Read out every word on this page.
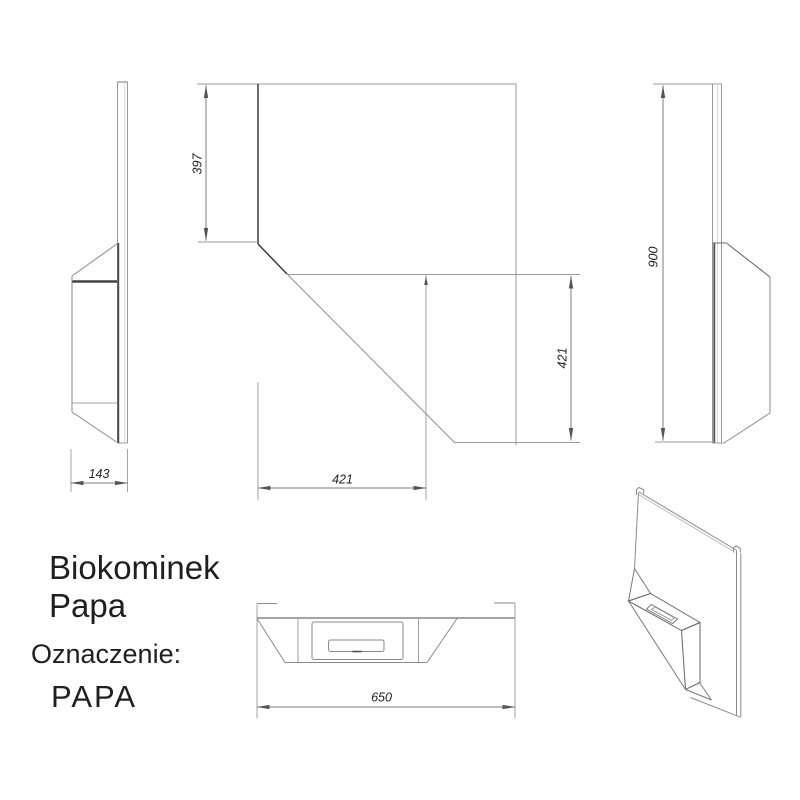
143
397
421
421
900
650
Biokominek
Papa
Oznaczenie:
PAPA
